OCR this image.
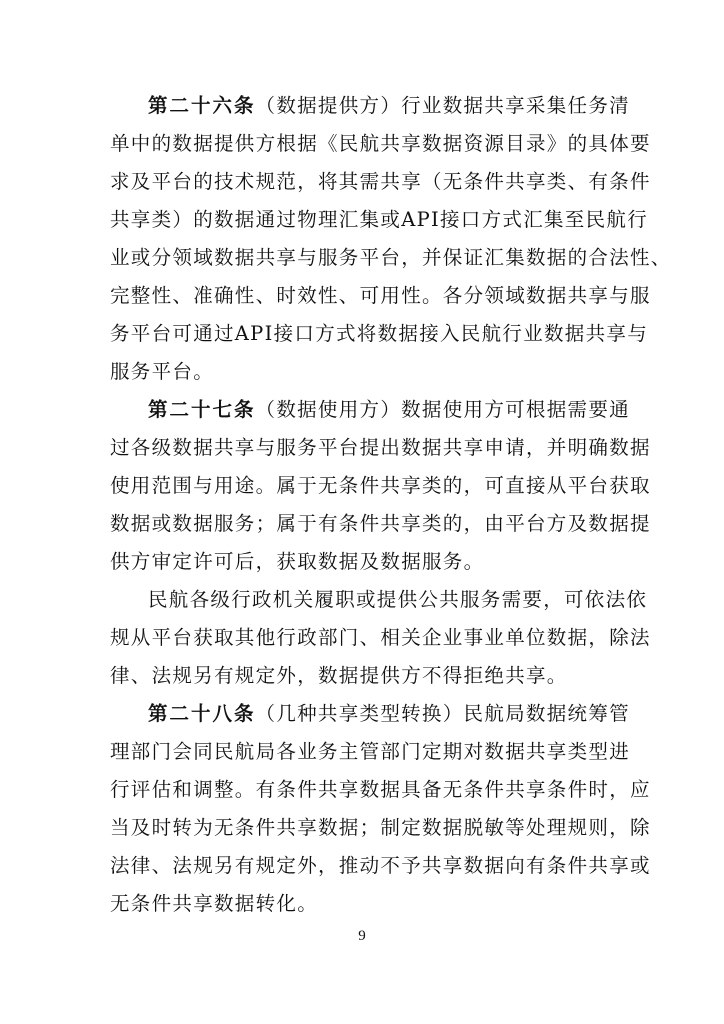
第二十六条（数据提供方）行业数据共享采集任务清
单中的数据提供方根据《民航共享数据资源目录》的具体要
求及平台的技术规范，将其需共享（无条件共享类、有条件
共享类）的数据通过物理汇集或API接口方式汇集至民航行
业或分领域数据共享与服务平台，并保证汇集数据的合法性、
完整性、准确性、时效性、可用性。各分领域数据共享与服
务平台可通过API接口方式将数据接入民航行业数据共享与
服务平台。
第二十七条（数据使用方）数据使用方可根据需要通
过各级数据共享与服务平台提出数据共享申请，并明确数据
使用范围与用途。属于无条件共享类的，可直接从平台获取
数据或数据服务；属于有条件共享类的，由平台方及数据提
供方审定许可后，获取数据及数据服务。
民航各级行政机关履职或提供公共服务需要，可依法依
规从平台获取其他行政部门、相关企业事业单位数据，除法
律、法规另有规定外，数据提供方不得拒绝共享。
第二十八条（几种共享类型转换）民航局数据统筹管
理部门会同民航局各业务主管部门定期对数据共享类型进
行评估和调整。有条件共享数据具备无条件共享条件时，应
当及时转为无条件共享数据；制定数据脱敏等处理规则，除
法律、法规另有规定外，推动不予共享数据向有条件共享或
无条件共享数据转化。
9
